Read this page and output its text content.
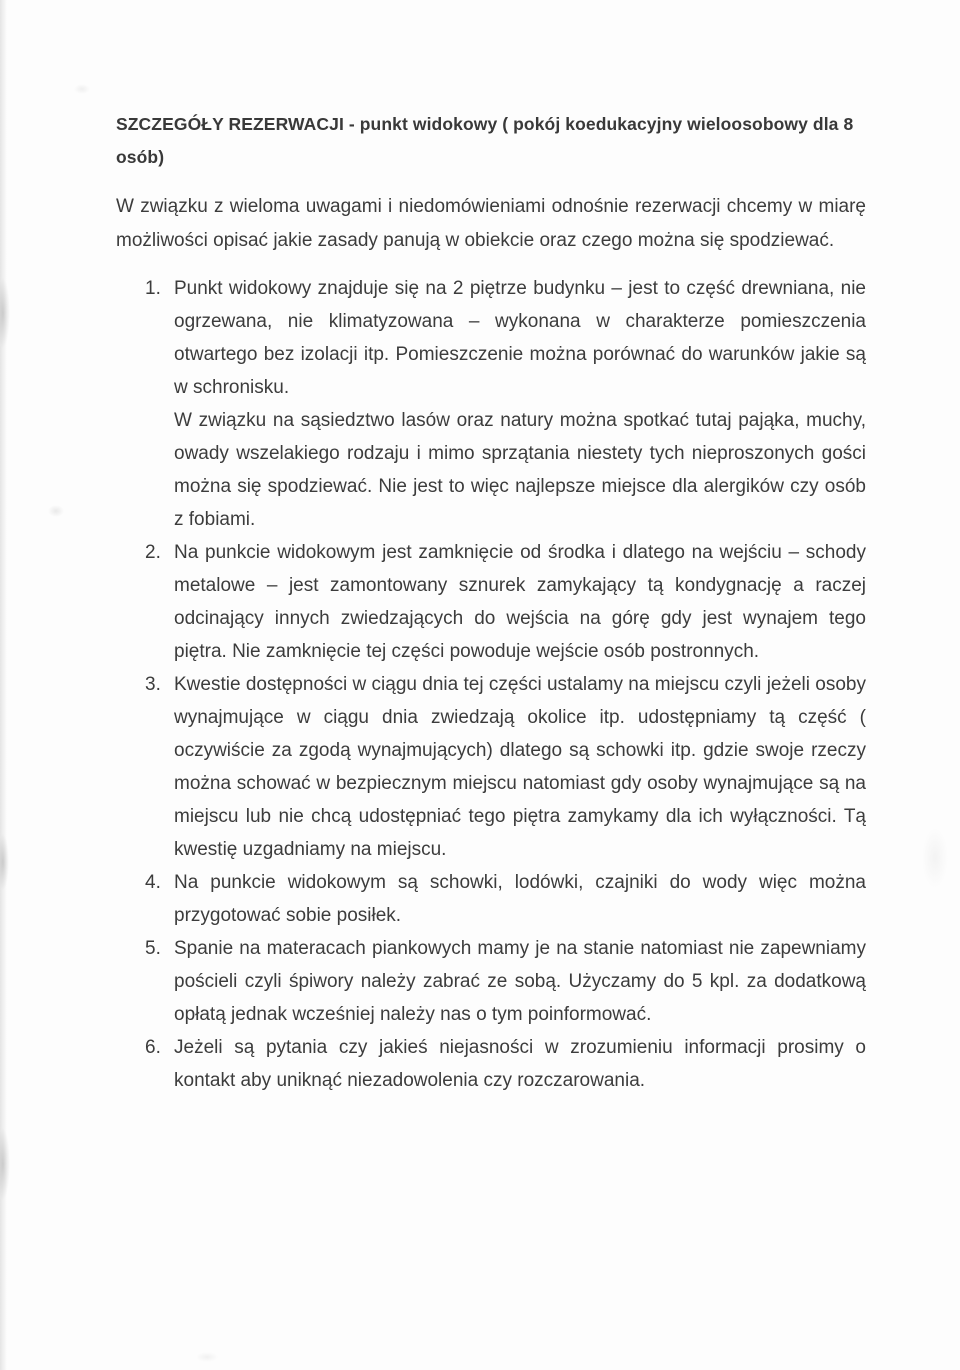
SZCZEGÓŁY REZERWACJI - punkt widokowy ( pokój koedukacyjny wieloosobowy dla 8 osób)
W związku z wieloma uwagami i niedomówieniami odnośnie rezerwacji chcemy w miarę możliwości opisać jakie zasady panują w obiekcie oraz czego można się spodziewać.
1. Punkt widokowy znajduje się na 2 piętrze budynku – jest to część drewniana, nie ogrzewana, nie klimatyzowana – wykonana w charakterze pomieszczenia otwartego bez izolacji itp. Pomieszczenie można porównać do warunków jakie są w schronisku.
W związku na sąsiedztwo lasów oraz natury można spotkać tutaj pająka, muchy, owady wszelakiego rodzaju i mimo sprzątania niestety tych nieproszonych gości można się spodziewać. Nie jest to więc najlepsze miejsce dla alergików czy osób z fobiami.
2. Na punkcie widokowym jest zamknięcie od środka i dlatego na wejściu – schody metalowe – jest zamontowany sznurek zamykający tą kondygnację a raczej odcinający innych zwiedzających do wejścia na górę gdy jest wynajem tego piętra. Nie zamknięcie tej części powoduje wejście osób postronnych.
3. Kwestie dostępności w ciągu dnia tej części ustalamy na miejscu czyli jeżeli osoby wynajmujące w ciągu dnia zwiedzają okolice itp. udostępniamy tą część ( oczywiście za zgodą wynajmujących) dlatego są schowki itp. gdzie swoje rzeczy można schować w bezpiecznym miejscu natomiast gdy osoby wynajmujące są na miejscu lub nie chcą udostępniać tego piętra zamykamy dla ich wyłączności. Tą kwestię uzgadniamy na miejscu.
4. Na punkcie widokowym są schowki, lodówki, czajniki do wody więc można przygotować sobie posiłek.
5. Spanie na materacach piankowych mamy je na stanie natomiast nie zapewniamy pościeli czyli śpiwory należy zabrać ze sobą. Użyczamy do 5 kpl. za dodatkową opłatą jednak wcześniej należy nas o tym poinformować.
6. Jeżeli są pytania czy jakieś niejasności w zrozumieniu informacji prosimy o kontakt aby uniknąć niezadowolenia czy rozczarowania.
